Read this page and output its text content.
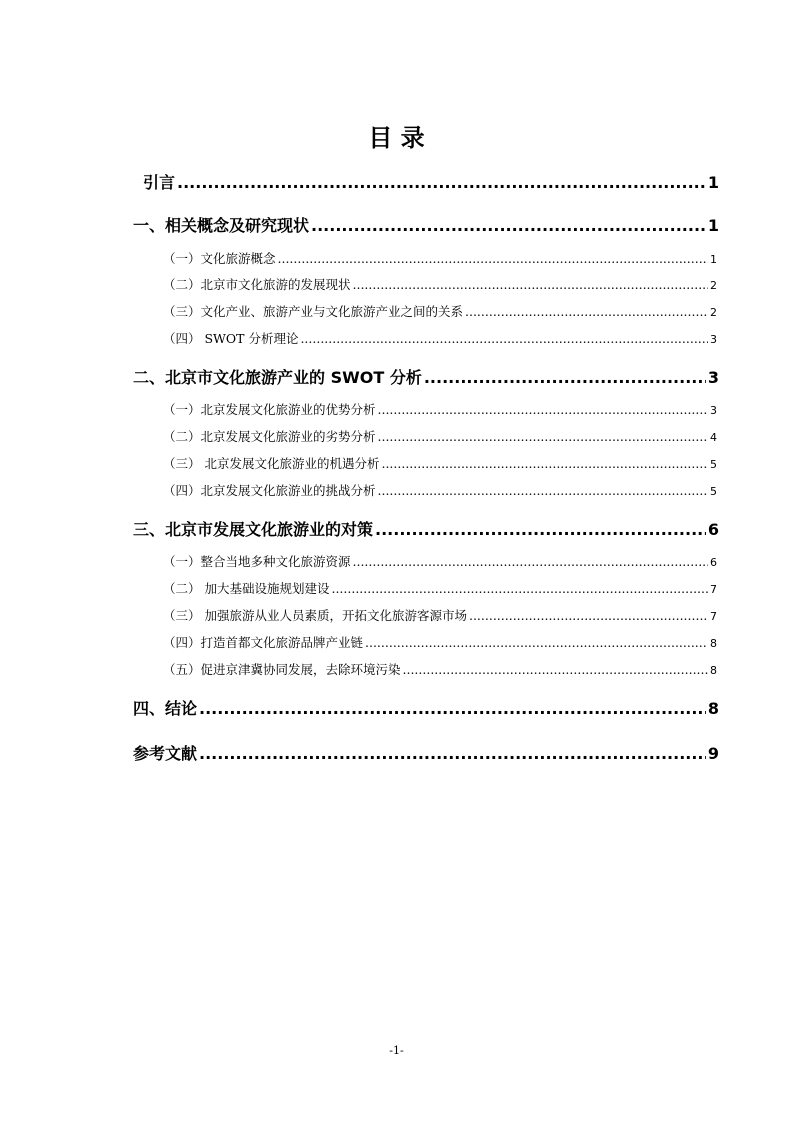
目 录
引言 .....	1
一、相关概念及研究现状 .....	1
（一）文化旅游概念 .....	1
（二）北京市文化旅游的发展现状 .....	2
（三）文化产业、旅游产业与文化旅游产业之间的关系 .....	2
（四） SWOT 分析理论 .....	3
二、北京市文化旅游产业的 SWOT 分析 .....	3
（一）北京发展文化旅游业的优势分析 .....	3
（二）北京发展文化旅游业的劣势分析 .....	4
（三） 北京发展文化旅游业的机遇分析 .....	5
（四）北京发展文化旅游业的挑战分析 .....	5
三、北京市发展文化旅游业的对策 .....	6
（一）整合当地多种文化旅游资源 .....	6
（二） 加大基础设施规划建设 .....	7
（三） 加强旅游从业人员素质，开拓文化旅游客源市场 .....	7
（四）打造首都文化旅游品牌产业链 .....	8
（五）促进京津冀协同发展，去除环境污染 .....	8
四、结论 .....	8
参考文献 .....	9
-1-
